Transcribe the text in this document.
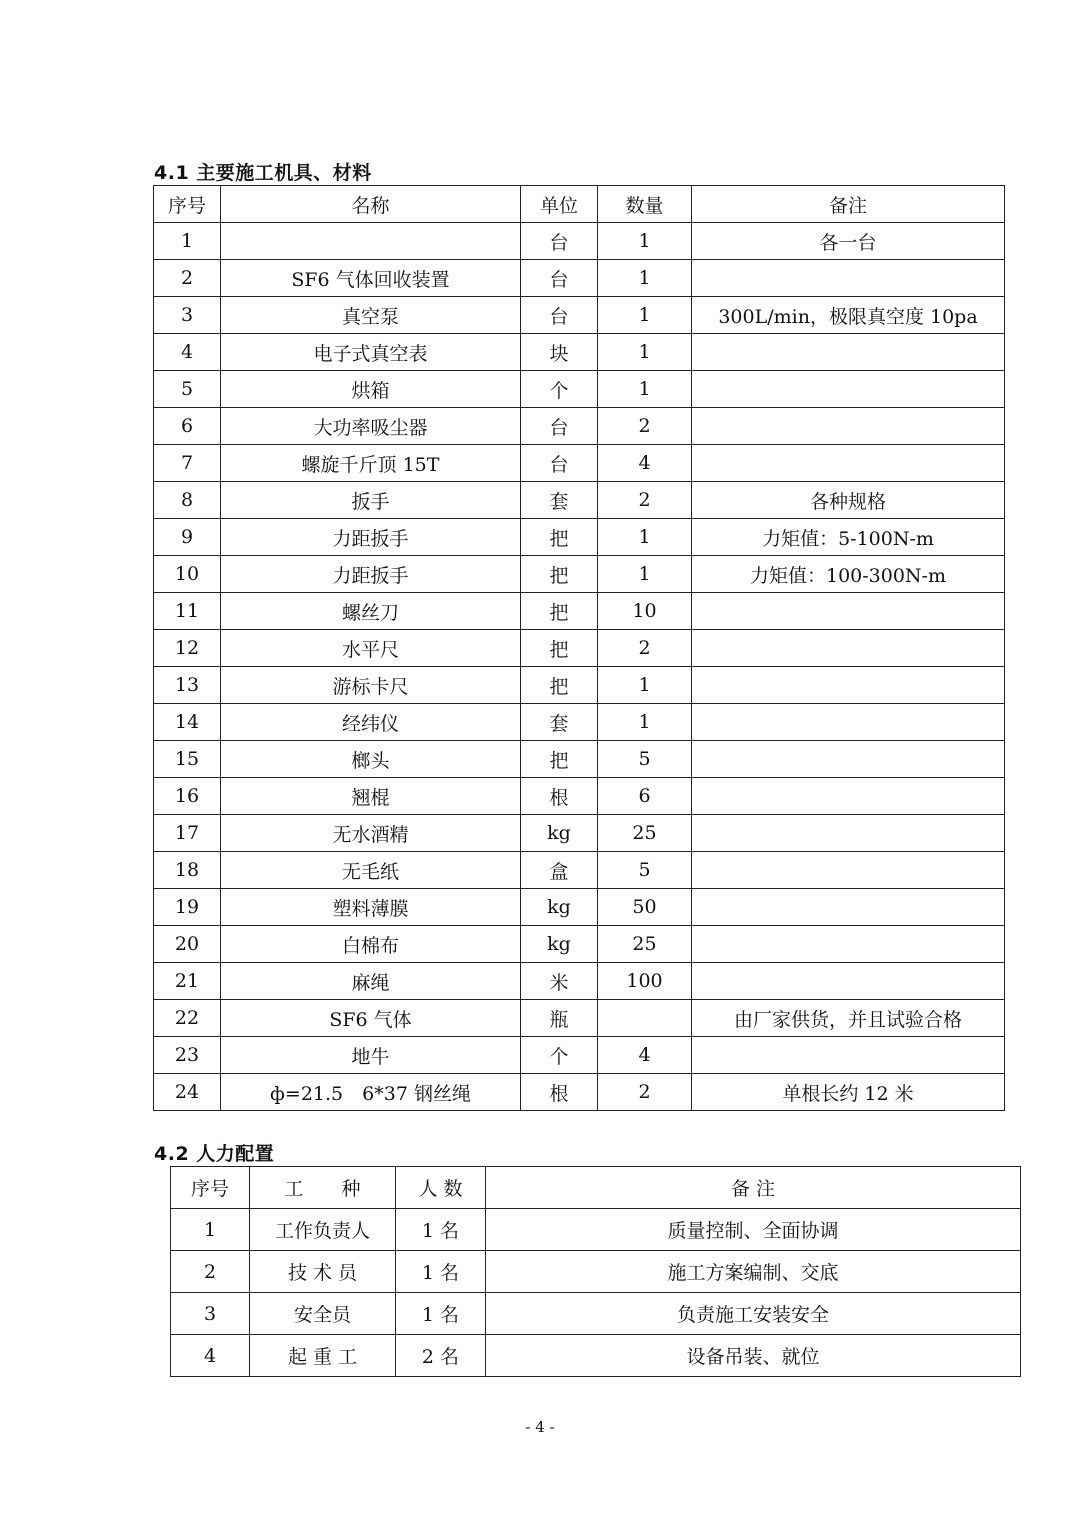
4.1 主要施工机具、材料
序号	名称	单位	数量	备注
1		台	1	各一台
2	SF6 气体回收装置	台	1	
3	真空泵	台	1	300L/min，极限真空度 10pa
4	电子式真空表	块	1	
5	烘箱	个	1	
6	大功率吸尘器	台	2	
7	螺旋千斤顶 15T	台	4	
8	扳手	套	2	各种规格
9	力距扳手	把	1	力矩值：5-100N-m
10	力距扳手	把	1	力矩值：100-300N-m
11	螺丝刀	把	10	
12	水平尺	把	2	
13	游标卡尺	把	1	
14	经纬仪	套	1	
15	榔头	把	5	
16	翘棍	根	6	
17	无水酒精	kg	25	
18	无毛纸	盒	5	
19	塑料薄膜	kg	50	
20	白棉布	kg	25	
21	麻绳	米	100	
22	SF6 气体	瓶		由厂家供货，并且试验合格
23	地牛	个	4	
24	ф=21.5　6*37 钢丝绳	根	2	单根长约 12 米
4.2 人力配置
序号	工　　种	人 数	备 注
1	工作负责人	1 名	质量控制、全面协调
2	技 术 员	1 名	施工方案编制、交底
3	安全员	1 名	负责施工安装安全
4	起 重 工	2 名	设备吊装、就位
- 4 -
